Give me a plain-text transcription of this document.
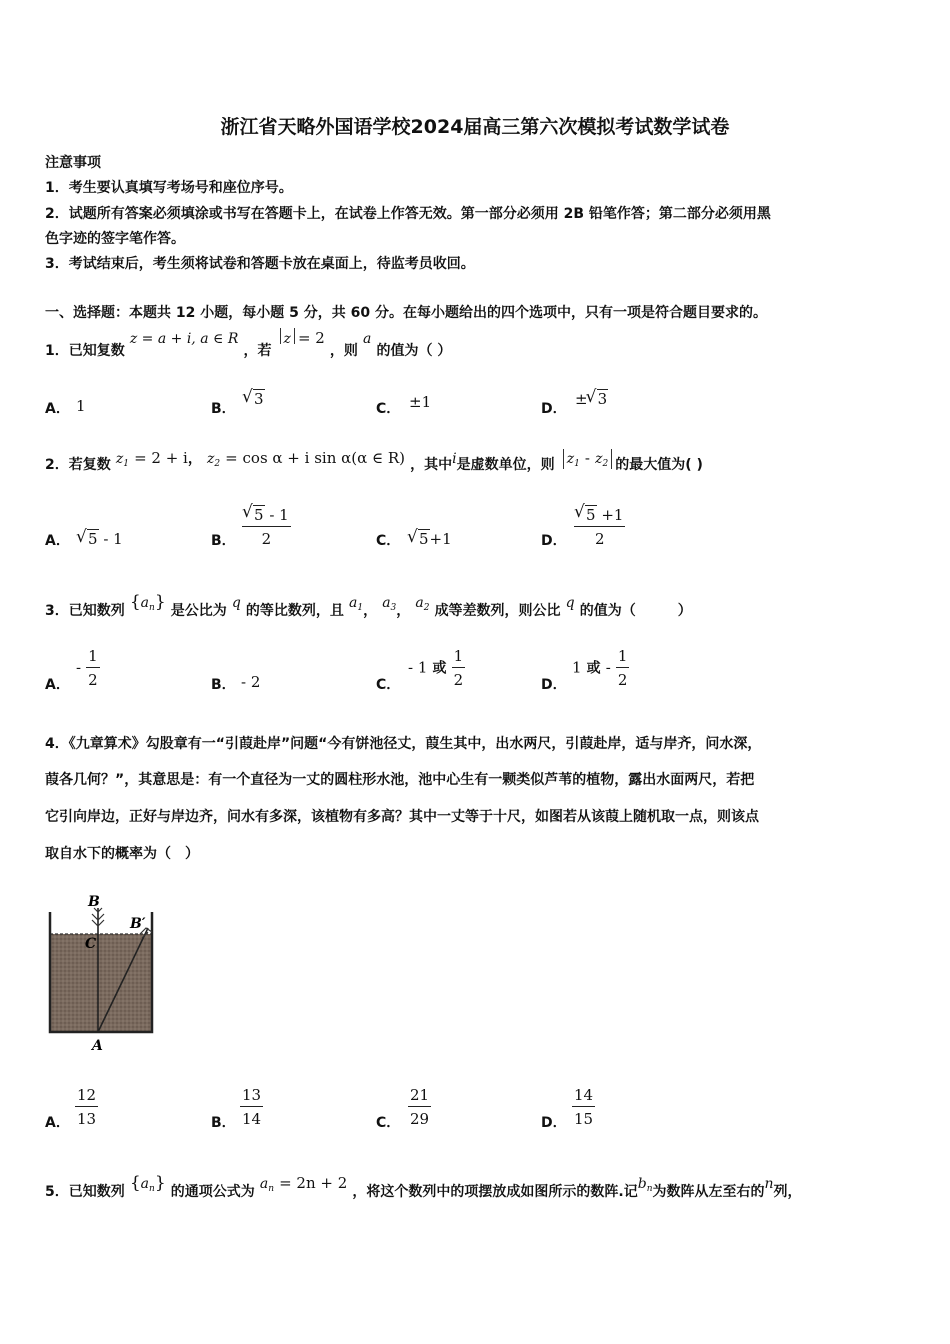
浙江省天略外国语学校2024届高三第六次模拟考试数学试卷
注意事项
1．考生要认真填写考场号和座位序号。
2．试题所有答案必须填涂或书写在答题卡上，在试卷上作答无效。第一部分必须用 2B 铅笔作答；第二部分必须用黑
色字迹的签字笔作答。
3．考试结束后，考生须将试卷和答题卡放在桌面上，待监考员收回。
一、选择题：本题共 12 小题，每小题 5 分，共 60 分。在每小题给出的四个选项中，只有一项是符合题目要求的。
1．已知复数 z = a + i, a ∈ R ，若 z = 2 ，则 a 的值为（ ）
A． 1	B．
√ 3
C． ±1	D．
± √ 3
2．若复数 $z_1 = 2 + i$， $z_2 = \cos \alpha + i$ sin α(α ∈ R) ，其中i是虚数单位，则 $z_1 - z_2$ 的最大值为( )
A．	√ 5 - 1	B． √ $\frac{5 - 1}{2}$	C．	√ 5+1	D． √ $\frac{5 +1}{2}$
3．已知数列 $\{a_n\}$ 是公比为 q 的等比数列，且 $a_1$， $a_3$， $a_2$ 成等差数列，则公比 q 的值为（　　　）
A．
- $\frac{1}{2}$	B． - 2	C．
- 1 或 $\frac{1}{2}$	D．
1 或 - $\frac{1}{2}$
4．《九章算术》勾股章有一“引葭赴岸”问题“今有饼池径丈，葭生其中，出水两尺，引葭赴岸，适与岸齐，问水深，
葭各几何？”，其意思是：有一个直径为一丈的圆柱形水池，池中心生有一颗类似芦苇的植物，露出水面两尺，若把
它引向岸边，正好与岸边齐，问水有多深，该植物有多高？其中一丈等于十尺，如图若从该葭上随机取一点，则该点
取自水下的概率为（　）
B
C
B′
A
A． $\frac{12}{13}$	B． $\frac{13}{14}$	C． $\frac{21}{29}$	D． $\frac{14}{15}$
5．已知数列 $\{a_n\}$ 的通项公式为 $a_n = 2n + 2$ ，将这个数列中的项摆放成如图所示的数阵.记$b_n$为数阵从左至右的n列，
